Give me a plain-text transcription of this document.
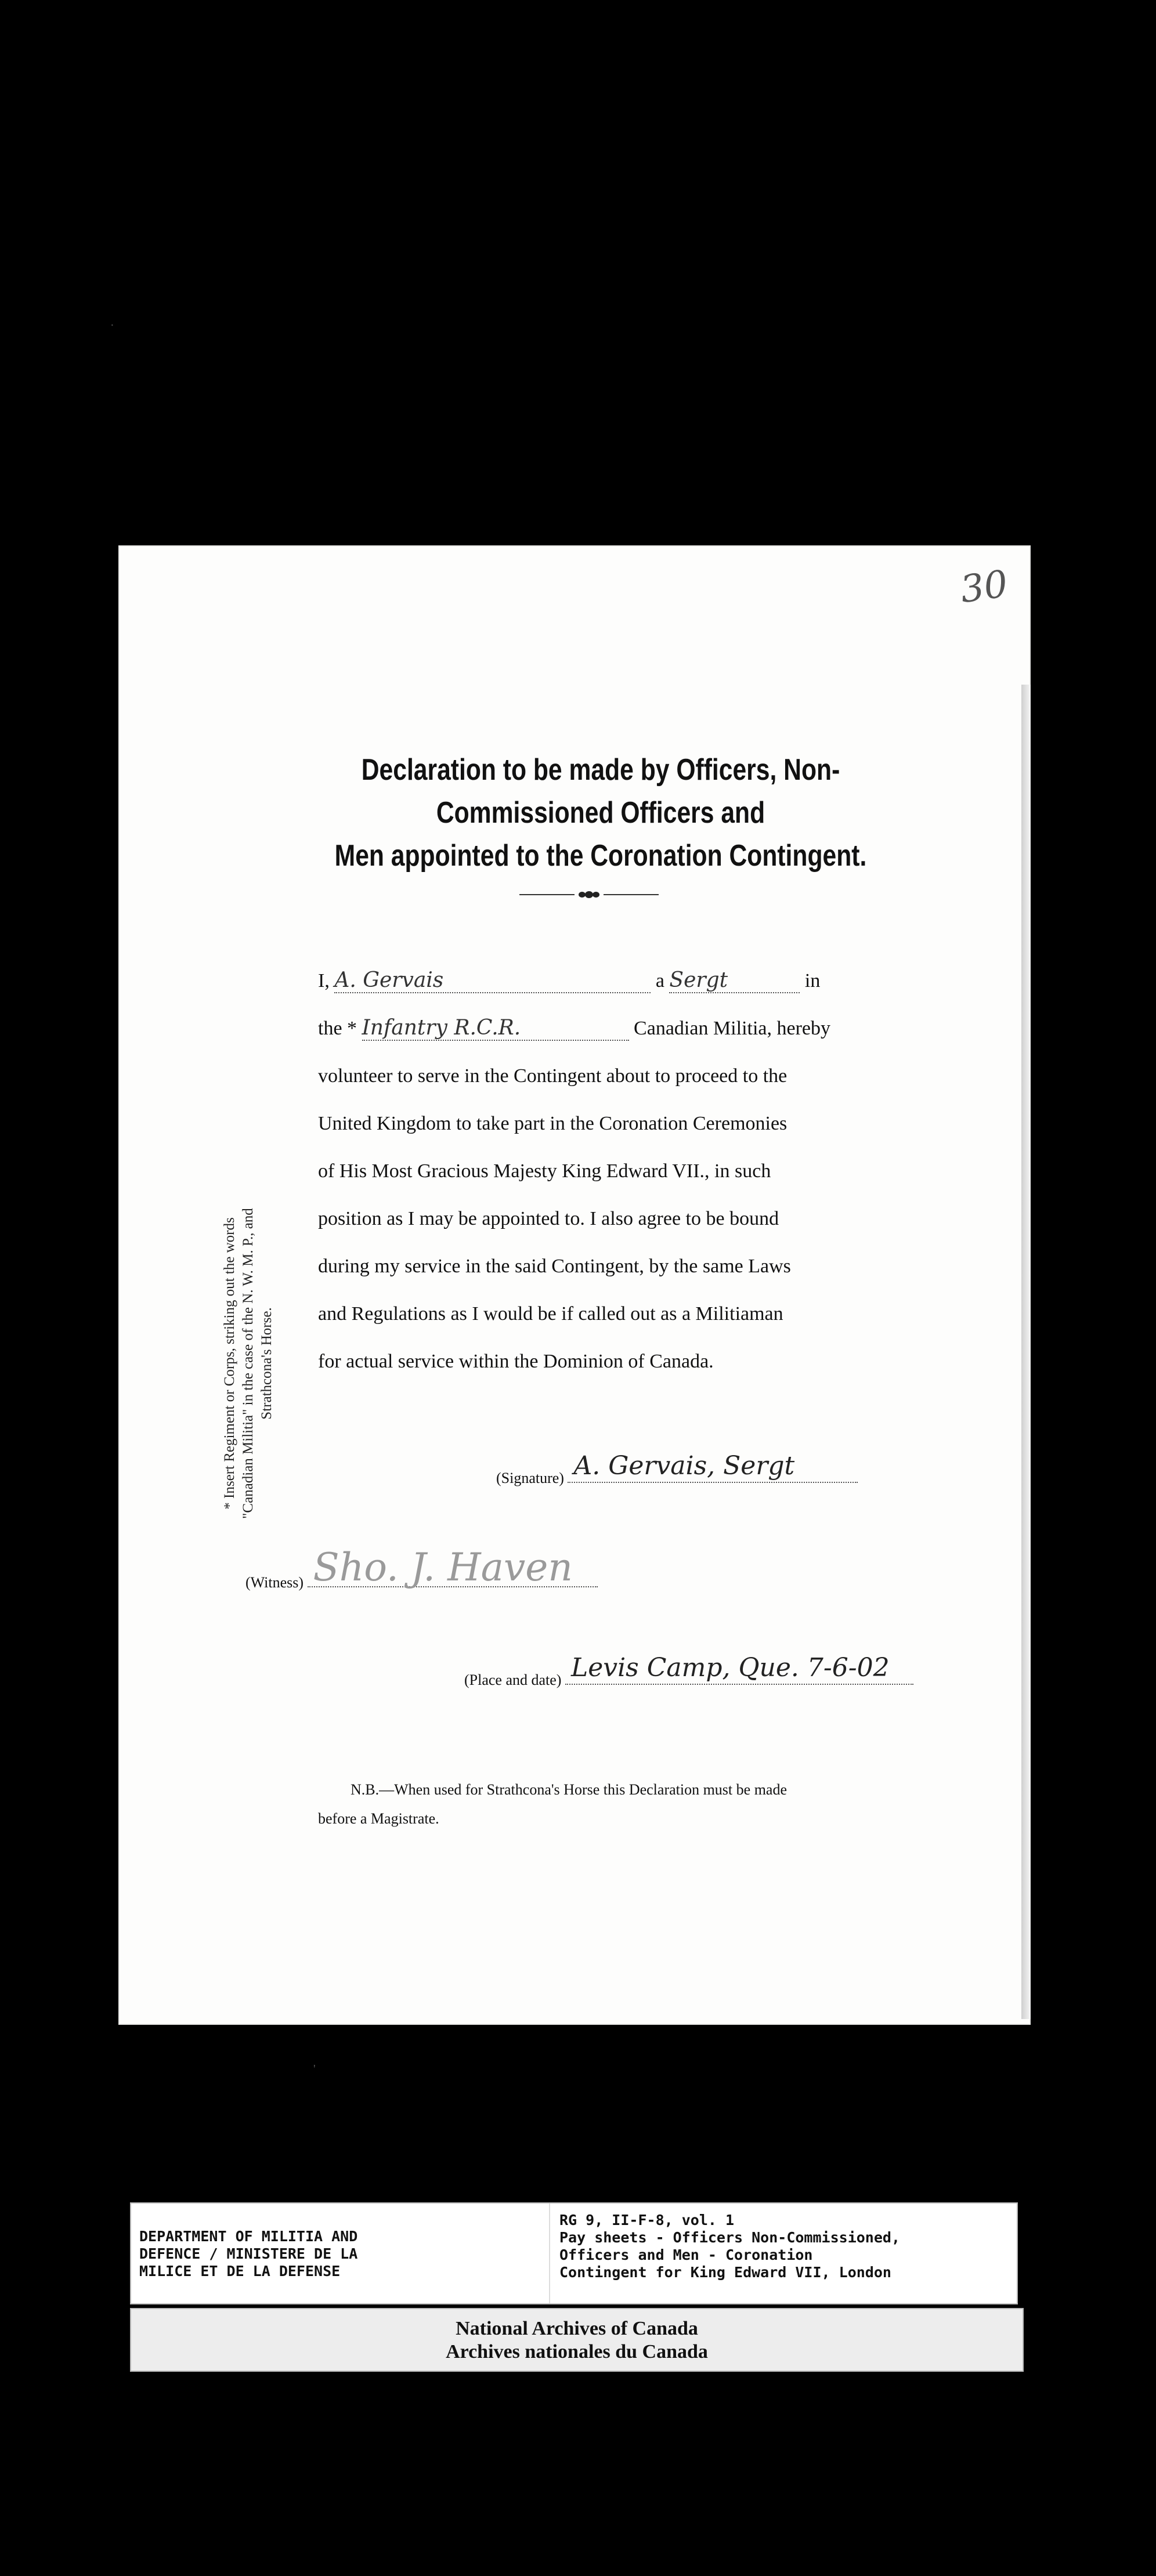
30
Declaration to be made by Officers, Non-Commissioned Officers and
Men appointed to the Coronation Contingent.
* Insert Regiment or Corps, striking out the words "Canadian Militia" in the case of the N. W. M. P., and Strathcona's Horse.
I, A. Gervais	a Sergt	in
the * Infantry R.C.R.	Canadian Militia, hereby
volunteer to serve in the Contingent about to proceed to the
United Kingdom to take part in the Coronation Ceremonies
of His Most Gracious Majesty King Edward VII., in such
position as I may be appointed to. I also agree to be bound
during my service in the said Contingent, by the same Laws
and Regulations as I would be if called out as a Militiaman
for actual service within the Dominion of Canada.
(Signature) A. Gervais, Sergt
(Witness) Sho. J. Haven
(Place and date) Levis Camp, Que. 7-6-02
N.B.—When used for Strathcona's Horse this Declaration must be made
before a Magistrate.
·
'
DEPARTMENT OF MILITIA AND
DEFENCE / MINISTERE DE LA
MILICE ET DE LA DEFENSE
RG 9, II-F-8, vol. 1
Pay sheets - Officers Non-Commissioned,
Officers and Men - Coronation
Contingent for King Edward VII, London
National Archives of Canada
Archives nationales du Canada
